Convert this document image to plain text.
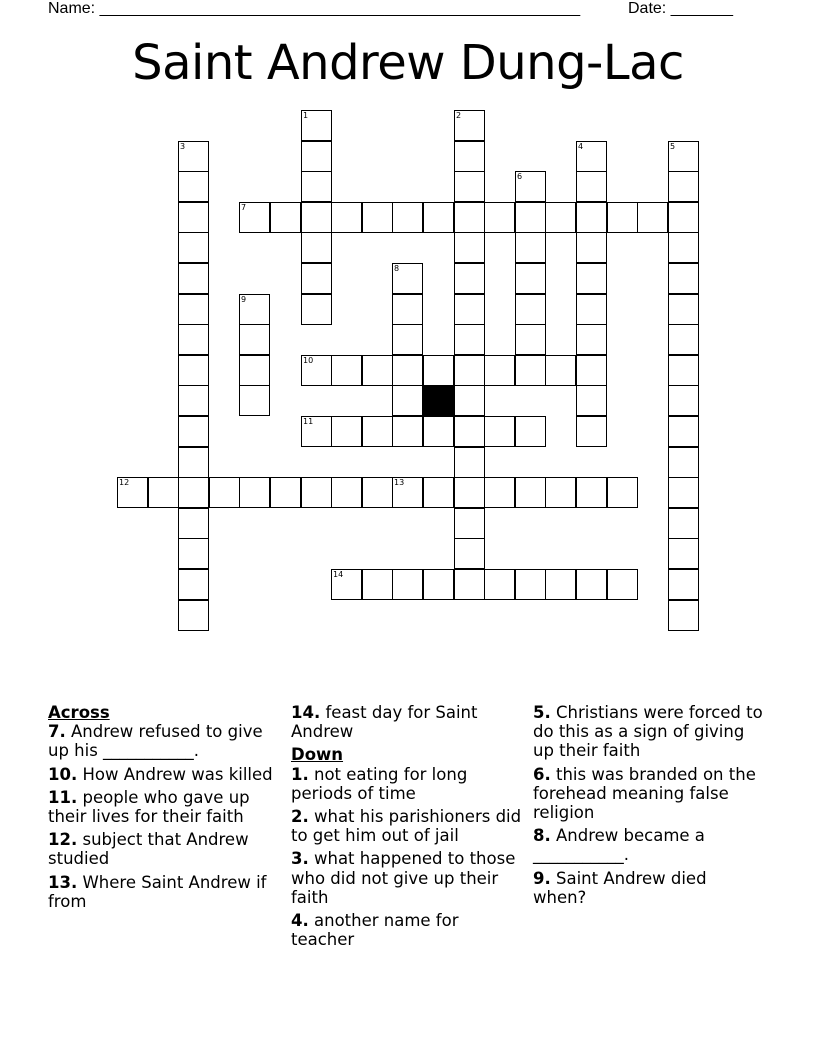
Name: ______________________________________________________	Date: _______
Saint Andrew Dung-Lac
1	2
3	4	5
6
7
8
9
10
11
12	13
14

Across

7. Andrew refused to give up his ___________.

10. How Andrew was killed

11. people who gave up their lives for their faith

12. subject that Andrew studied

13. Where Saint Andrew if from

14. feast day for Saint Andrew

Down

1. not eating for long periods of time

2. what his parishioners did to get him out of jail

3. what happened to those who did not give up their faith

4. another name for teacher

5. Christians were forced to do this as a sign of giving up their faith

6. this was branded on the forehead meaning false religion

8. Andrew became a ___________.

9. Saint Andrew died when?
